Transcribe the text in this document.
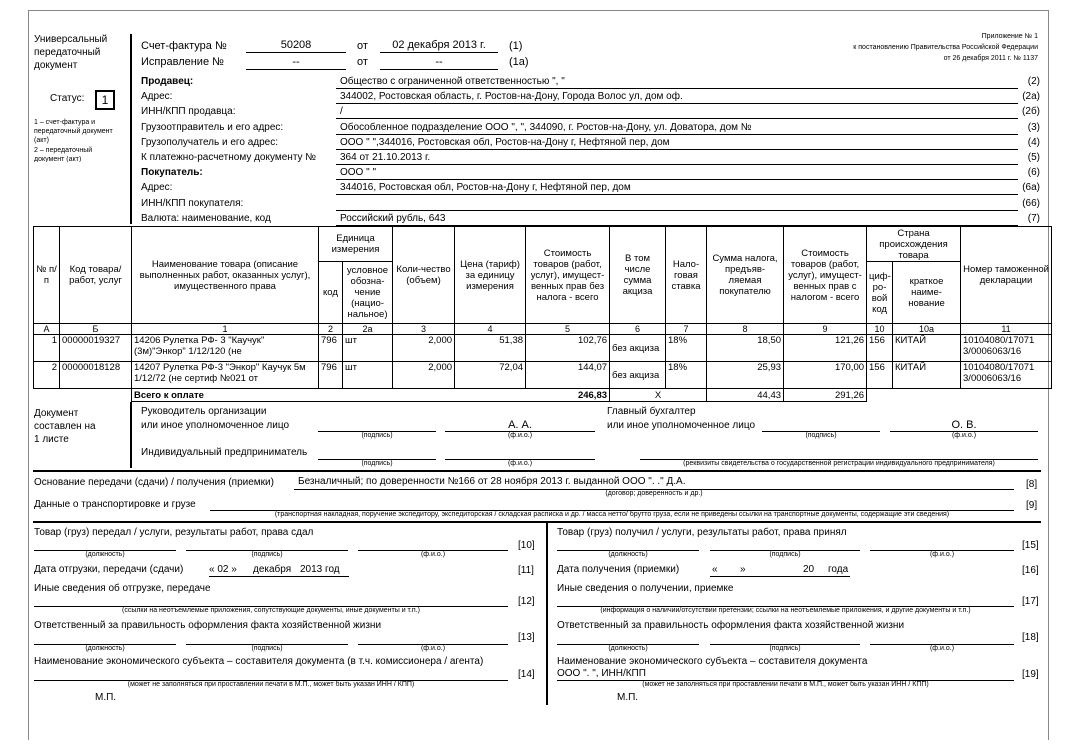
Универсальный
передаточный
документ
Статус:	1
1 – счет-фактура и
передаточный документ
(акт)
2 – передаточный
документ (акт)
Приложение № 1
к постановлению Правительства Российской Федерации
от 26 декабря 2011 г. № 1137
Счет-фактура №	50208	от	02 декабря 2013 г.	(1)
Исправление №	--	от	--	(1а)
Продавец:	Общество с ограниченной ответственностью ", "	(2)
Адрес:	344002, Ростовская область, г. Ростов-на-Дону, Городa Волос ул, дом оф.	(2а)
ИНН/КПП продавца:	/	(2б)
Грузоотправитель и его адрес:	Обособленное подразделение ООО ", ", 344090, г. Ростов-на-Дону, ул. Доватора, дом №	(3)
Грузополучатель и его адрес:	ООО " ",344016, Ростовская обл, Ростов-на-Дону г, Нефтяной пер, дом	(4)
К платежно-расчетному документу № 364 от 21.10.2013 г.	(5)
Покупатель:	ООО " "	(6)
Адрес:	344016, Ростовская обл, Ростов-на-Дону г, Нефтяной пер, дом	(6а)
ИНН/КПП покупателя:	(66)
Валюта: наименование, код	Российский рубль, 643	(7)
№ п/п	Код товара/ работ, услуг	Наименование товара (описание выполненных работ, оказанных услуг), имущественного права	Единица измерения		Коли-чество (объем)	Цена (тариф) за единицу измерения	Стоимость товаров (работ, услуг), имущест-венных прав без налога - всего	В том числе сумма акциза	Нало-говая ставка	Сумма налога, предъяв-ляемая покупателю	Стоимость товаров (работ, услуг), имущест-венных прав с налогом - всего	Страна происхождения товара		Номер таможенной декларации
			код	условное обозна-чение (нацио-нальное)								циф-ро-вой код	краткое наиме-нование	
А	Б	1	2	2а	3	4	5	6	7	8	9	10	10а	11
1	00000019327	14206 Рулетка РФ- 3 "Каучук"(3м)"Энкор" 1/12/120 (не	796	шт	2,000	51,38	102,76	без акциза	18%	18,50	121,26	156	КИТАЙ	10104080/17071 3/0006063/16
2	00000018128	14207 Рулетка РФ-3 "Энкор" Каучук 5м 1/12/72 (не сертиф №021 от	796	шт	2,000	72,04	144,07	без акциза	18%	25,93	170,00	156	КИТАЙ	10104080/17071 3/0006063/16
		Всего к оплате 246,83						Х		44,43	291,26			
Документ
составлен на
1 листе
Руководитель организации
или иное уполномоченное лицо	А. А.
(подпись)	(ф.и.о.)
Главный бухгалтер
или иное уполномоченное лицо	О. В.
(подпись)	(ф.и.о.)
Индивидуальный предприниматель
(подпись)	(ф.и.о.)	(реквизиты свидетельства о государственной регистрации индивидуального предпринимателя)
Основание передачи (сдачи) / получения (приемки) Безналичный; по доверенности №166 от 28 ноября 2013 г. выданной ООО ". ." Д.А.	[8]
(договор; доверенность и др.)
Данные о транспортировке и грузе	[9]
(транспортная накладная, поручение экспедитору, экспедиторская / складская расписка и др. / масса нетто/ брутто груза, если не приведены ссылки на транспортные документы, содержащие эти сведения)
Товар (груз) передал / услуги, результаты работ, права сдал
[10]
(должность)	(подпись)	(ф.и.о.)
Дата отгрузки, передачи (сдачи)	« 02 » декабря 2013 год	[11]
Иные сведения об отгрузке, передаче
[12]
(ссылки на неотъемлемые приложения, сопутствующие документы, иные документы и т.п.)
Ответственный за правильность оформления факта хозяйственной жизни
[13]
(должность)	(подпись)	(ф.и.о.)
Наименование экономического субъекта – составителя документа (в т.ч. комиссионера / агента)
[14]
(может не заполняться при проставлении печати в М.П., может быть указан ИНН / КПП)
М.П.
Товар (груз) получил / услуги, результаты работ, права принял
[15]
(должность)	(подпись)	(ф.и.о.)
Дата получения (приемки)	« »	20 года	[16]
Иные сведения о получении, приемке
[17]
(информация о наличии/отсутствии претензии; ссылки на неотъемлемые приложения, и другие документы и т.п.)
Ответственный за правильность оформления факта хозяйственной жизни
[18]
(должность)	(подпись)	(ф.и.о.)
Наименование экономического субъекта – составителя документа
ООО ". ", ИНН/КПП	[19]
(может не заполняться при проставлении печати в М.П., может быть указан ИНН / КПП)
М.П.
